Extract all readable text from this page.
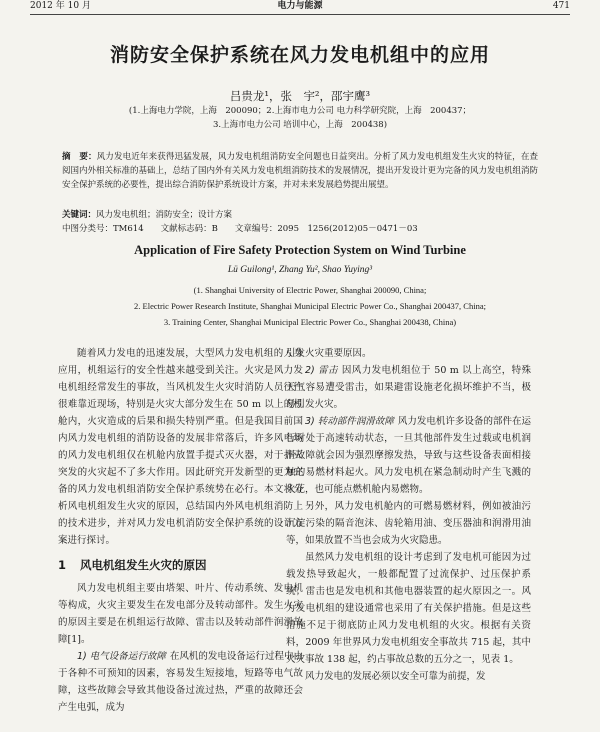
2012 年 10 月	电力与能源	471
消防安全保护系统在风力发电机组中的应用
吕贵龙¹，张　宇²，邵宇鹰³
(1.上海电力学院，上海　200090；2.上海市电力公司 电力科学研究院，上海　200437；
3.上海市电力公司 培训中心，上海　200438)
摘　要：风力发电近年来获得迅猛发展，风力发电机组消防安全问题也日益突出。分析了风力发电机组发生火灾的特征，在查阅国内外相关标准的基础上，总结了国内外有关风力发电机组消防技术的发展情况，提出开发设计更为完备的风力发电机组消防安全保护系统的必要性，提出综合消防保护系统设计方案，并对未来发展趋势提出展望。
关键词：风力发电机组；消防安全；设计方案
中图分类号：TM614　　文献标志码：B　　文章编号：2095　1256(2012)05－0471－03
Application of Fire Safety Protection System on Wind Turbine
Lü Guilong¹, Zhang Yu², Shao Yuying³
(1. Shanghai University of Electric Power, Shanghai 200090, China;
2. Electric Power Research Institute, Shanghai Municipal Electric Power Co., Shanghai 200437, China;
3. Training Center, Shanghai Municipal Electric Power Co., Shanghai 200438, China)

随着风力发电的迅速发展，大型风力发电机组的人身应用，机组运行的安全性越来越受到关注。火灾是风力发电机组经常发生的事故，当风机发生火灾时消防人员往往很难靠近现场，特别是火灾大部分发生在 50 m 以上的机舱内，火灾造成的后果和损失特别严重。但是我国目前国内风力发电机组的消防设备的发展非常落后，许多风电场的风力发电机组仅在机舱内放置手提式灭火器，对于扑灭突发的火灾起不了多大作用。因此研究开发新型的更为完备的风力发电机组消防安全保护系统势在必行。本文将分析风电机组发生火灾的原因，总结国内外风电机组消防上的技术进步，并对风力发电机消防安全保护系统的设计方案进行探讨。

1 风电机组发生火灾的原因

风力发电机组主要由塔架、叶片、传动系统、发电机等构成，火灾主要发生在发电部分及转动部件。发生火灾的原因主要是在机组运行故障、雷击以及转动部件润滑故障[1]。

1) 电气设备运行故障 在风机的发电设备运行过程中由于各种不可预知的因素，容易发生短接地，短路等电气故障，这些故障会导致其他设备过流过热，严重的故障还会产生电弧，成为

引发火灾重要原因。

2) 雷击 因风力发电机组位于 50 m 以上高空，特殊天气容易遭受雷击，如果避雷设施老化损坏维护不当，极易引发火灾。

3) 转动部件润滑故障 风力发电机许多设备的部件在运行时处于高速转动状态，一旦其他部件发生过载或电机润滑故障就会因为强烈摩擦发热，导致与这些设备表面相接触的易燃材料起火。风力发电机在紧急制动时产生飞溅的火花，也可能点燃机舱内易燃物。

另外，风力发电机舱内的可燃易燃材料，例如被油污沉淀污染的隔音泡沫、齿轮箱用油、变压器油和润滑用油等，如果放置不当也会成为火灾隐患。

虽然风力发电机组的设计考虑到了发电机可能因为过载发热导致起火，一般都配置了过流保护、过压保护系统；雷击也是发电机和其他电器装置的起火原因之一。风力发电机组的建设通常也采用了有关保护措施。但是这些措施不足于彻底防止风力发电机组的火灾。根据有关资料，2009 年世界风力发电机组安全事故共 715 起，其中火灾事故 138 起，约占事故总数的五分之一，见表 1。

风力发电的发展必须以安全可靠为前提，发
